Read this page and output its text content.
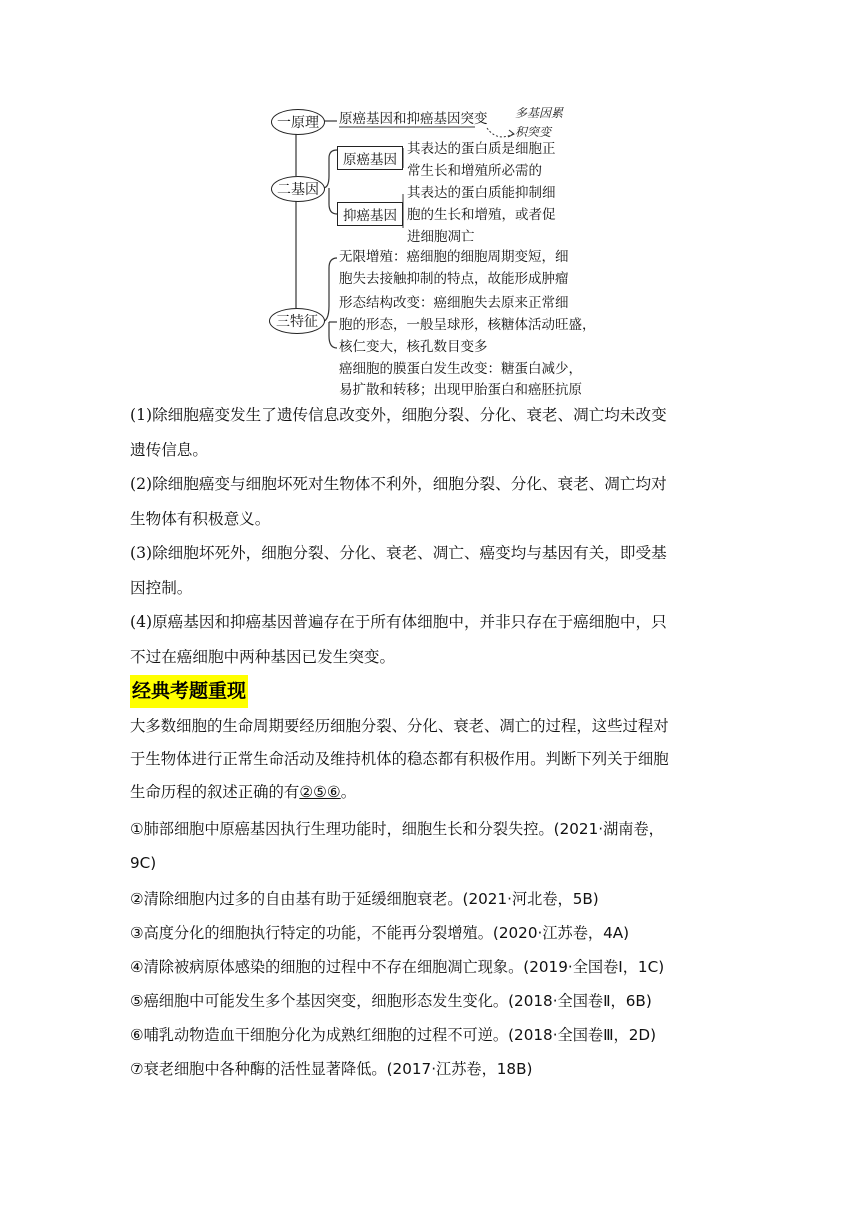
一原理	原癌基因和抑癌基因突变 多基因累
积突变
二基因
原癌基因
其表达的蛋白质是细胞正
常生长和增殖所必需的
抑癌基因
其表达的蛋白质能抑制细
胞的生长和增殖，或者促
进细胞凋亡
三特征
无限增殖：癌细胞的细胞周期变短，细
胞失去接触抑制的特点，故能形成肿瘤
形态结构改变：癌细胞失去原来正常细
胞的形态，一般呈球形，核糖体活动旺盛，
核仁变大，核孔数目变多
癌细胞的膜蛋白发生改变：糖蛋白减少，
易扩散和转移；出现甲胎蛋白和癌胚抗原
(1)除细胞癌变发生了遗传信息改变外，细胞分裂、分化、衰老、凋亡均未改变
遗传信息。
(2)除细胞癌变与细胞坏死对生物体不利外，细胞分裂、分化、衰老、凋亡均对
生物体有积极意义。
(3)除细胞坏死外，细胞分裂、分化、衰老、凋亡、癌变均与基因有关，即受基
因控制。
(4)原癌基因和抑癌基因普遍存在于所有体细胞中，并非只存在于癌细胞中，只
不过在癌细胞中两种基因已发生突变。
经典考题重现
大多数细胞的生命周期要经历细胞分裂、分化、衰老、凋亡的过程，这些过程对
于生物体进行正常生命活动及维持机体的稳态都有积极作用。判断下列关于细胞
生命历程的叙述正确的有②⑤⑥。
①肺部细胞中原癌基因执行生理功能时，细胞生长和分裂失控。(2021·湖南卷，
9C)
②清除细胞内过多的自由基有助于延缓细胞衰老。(2021·河北卷，5B)
③高度分化的细胞执行特定的功能，不能再分裂增殖。(2020·江苏卷，4A)
④清除被病原体感染的细胞的过程中不存在细胞凋亡现象。(2019·全国卷Ⅰ，1C)
⑤癌细胞中可能发生多个基因突变，细胞形态发生变化。(2018·全国卷Ⅱ，6B)
⑥哺乳动物造血干细胞分化为成熟红细胞的过程不可逆。(2018·全国卷Ⅲ，2D)
⑦衰老细胞中各种酶的活性显著降低。(2017·江苏卷，18B)
